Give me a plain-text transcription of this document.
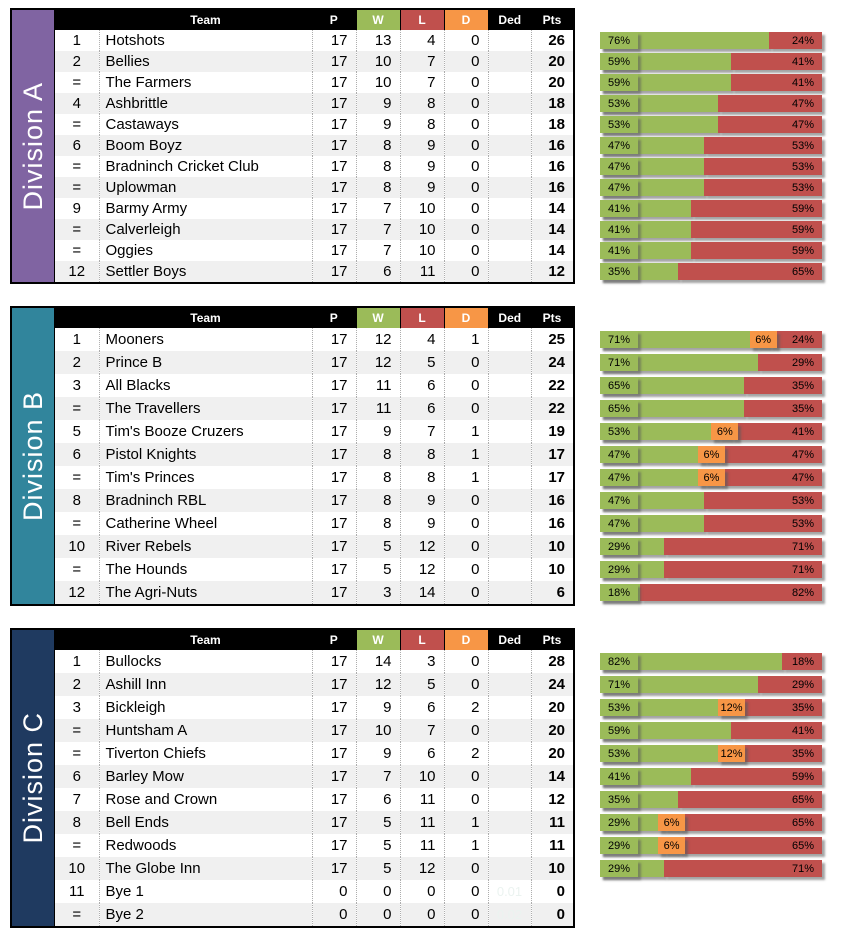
Division A
	Team	P	W	L	D	Ded	Pts
1	Hotshots	17	13	4	0		26
2	Bellies	17	10	7	0		20
=	The Farmers	17	10	7	0		20
4	Ashbrittle	17	9	8	0		18
=	Castaways	17	9	8	0		18
6	Boom Boyz	17	8	9	0		16
=	Bradninch Cricket Club	17	8	9	0		16
=	Uplowman	17	8	9	0		16
9	Barmy Army	17	7	10	0		14
=	Calverleigh	17	7	10	0		14
=	Oggies	17	7	10	0		14
12	Settler Boys	17	6	11	0		12
76%	24%
59%	41%
59%	41%
53%	47%
53%	47%
47%	53%
47%	53%
47%	53%
41%	59%
41%	59%
41%	59%
35%	65%
Division B
	Team	P	W	L	D	Ded	Pts
1	Mooners	17	12	4	1		25
2	Prince B	17	12	5	0		24
3	All Blacks	17	11	6	0		22
=	The Travellers	17	11	6	0		22
5	Tim's Booze Cruzers	17	9	7	1		19
6	Pistol Knights	17	8	8	1		17
=	Tim's Princes	17	8	8	1		17
8	Bradninch RBL	17	8	9	0		16
=	Catherine Wheel	17	8	9	0		16
10	River Rebels	17	5	12	0		10
=	The Hounds	17	5	12	0		10
12	The Agri-Nuts	17	3	14	0		6
71%	6%	24%
71%	29%
65%	35%
65%	35%
53%	6%	41%
47%	6%	47%
47%	6%	47%
47%	53%
47%	53%
29%	71%
29%	71%
18%	82%
Division C
	Team	P	W	L	D	Ded	Pts
1	Bullocks	17	14	3	0		28
2	Ashill Inn	17	12	5	0		24
3	Bickleigh	17	9	6	2		20
=	Huntsham A	17	10	7	0		20
=	Tiverton Chiefs	17	9	6	2		20
6	Barley Mow	17	7	10	0		14
7	Rose and Crown	17	6	11	0		12
8	Bell Ends	17	5	11	1		11
=	Redwoods	17	5	11	1		11
10	The Globe Inn	17	5	12	0		10
11	Bye 1	0	0	0	0	0.01	0
=	Bye 2	0	0	0	0	0.02	0
82%	18%
71%	29%
53%	12%	35%
59%	41%
53%	12%	35%
41%	59%
35%	65%
29%	6%	65%
29%	6%	65%
29%	71%
